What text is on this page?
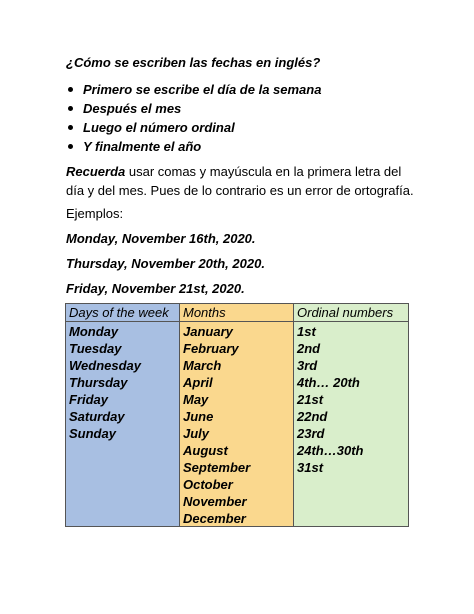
¿Cómo se escriben las fechas en inglés?
Primero se escribe el día de la semana
Después el mes
Luego el número ordinal
Y finalmente el año
Recuerda usar comas y mayúscula en la primera letra del día y del mes. Pues de lo contrario es un error de ortografía.
Ejemplos:
Monday, November 16th, 2020.
Thursday, November 20th, 2020.
Friday, November 21st, 2020.
Days of the week
Monday
Tuesday
Wednesday
Thursday
Friday
Saturday
Sunday
Months
January
February
March
April
May
June
July
August
September
October
November
December
Ordinal numbers
1st
2nd
3rd
4th… 20th
21st
22nd
23rd
24th…30th
31st
